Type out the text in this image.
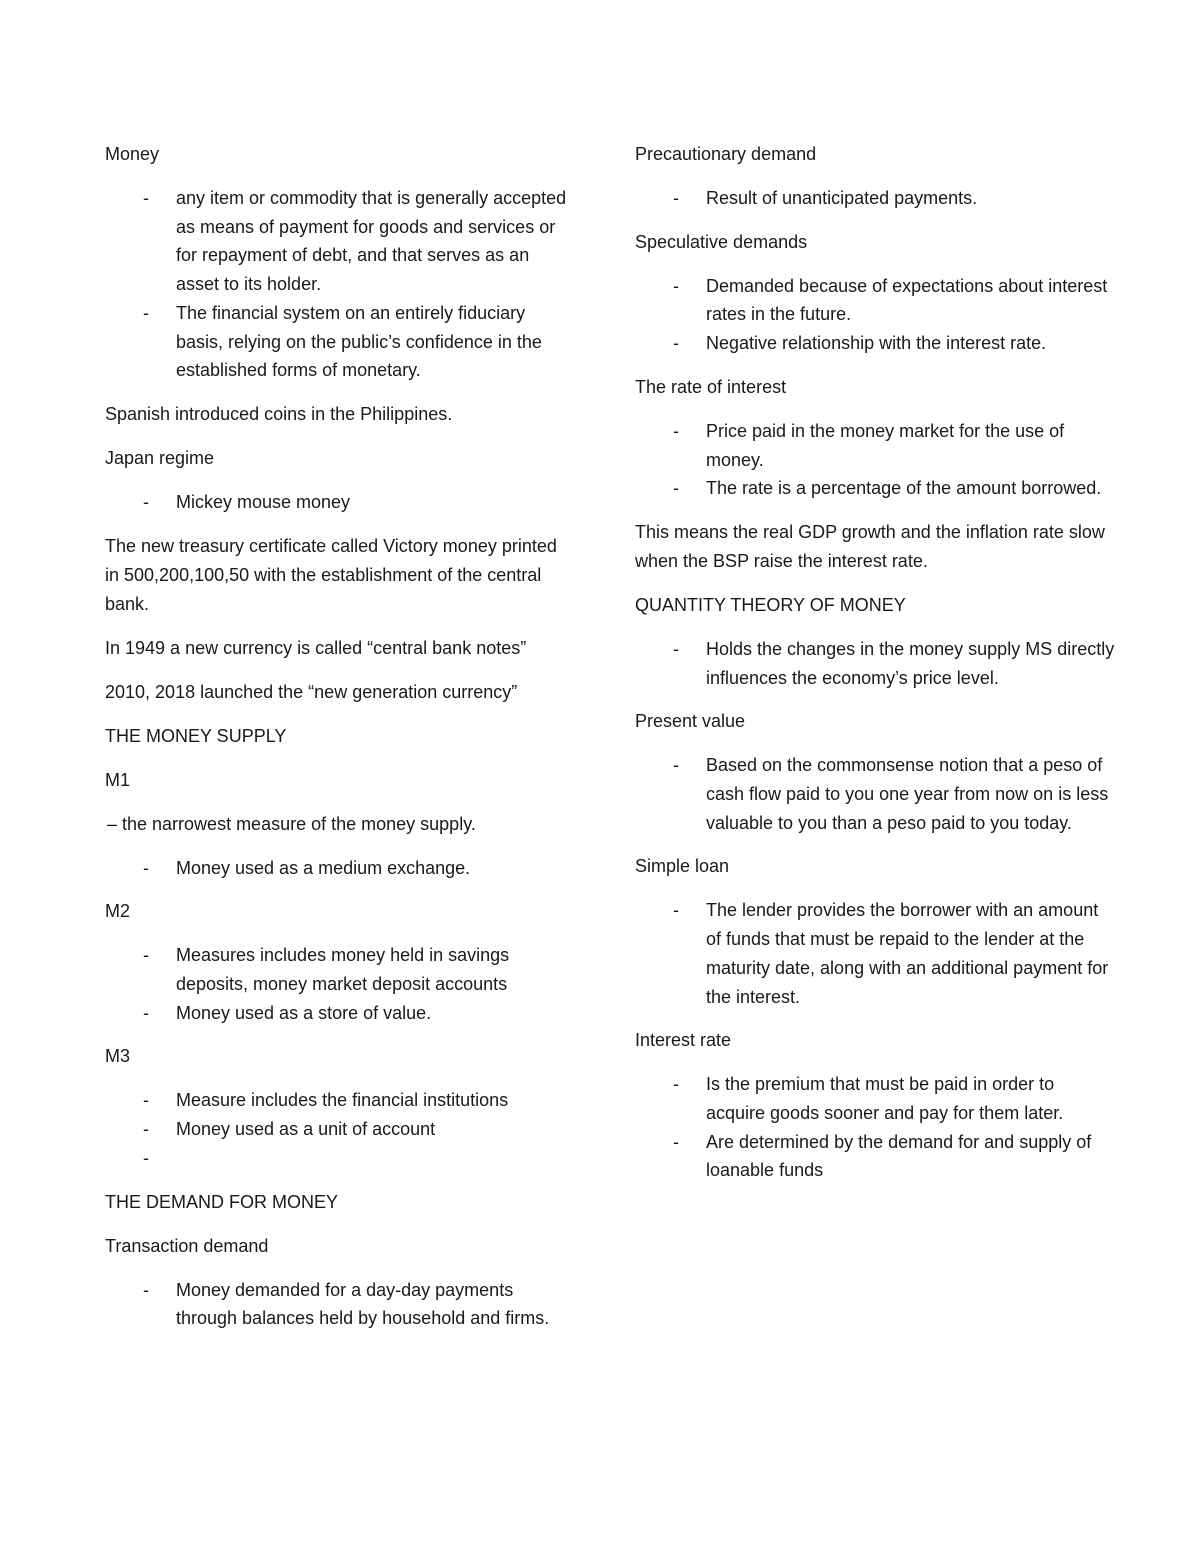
Money

- any item or commodity that is generally accepted as means of payment for goods and services or for repayment of debt, and that serves as an asset to its holder.
- The financial system on an entirely fiduciary basis, relying on the public’s confidence in the established forms of monetary.

Spanish introduced coins in the Philippines.

Japan regime

- Mickey mouse money

The new treasury certificate called Victory money printed in 500,200,100,50 with the establishment of the central bank.

In 1949 a new currency is called “central bank notes”

2010, 2018 launched the “new generation currency”

THE MONEY SUPPLY

M1

– the narrowest measure of the money supply.

- Money used as a medium exchange.

M2

- Measures includes money held in savings deposits, money market deposit accounts
- Money used as a store of value.

M3

- Measure includes the financial institutions
- Money used as a unit of account
-

THE DEMAND FOR MONEY

Transaction demand

- Money demanded for a day-day payments through balances held by household and firms.

Precautionary demand

- Result of unanticipated payments.

Speculative demands

- Demanded because of expectations about interest rates in the future.
- Negative relationship with the interest rate.

The rate of interest

- Price paid in the money market for the use of money.
- The rate is a percentage of the amount borrowed.

This means the real GDP growth and the inflation rate slow when the BSP raise the interest rate.

QUANTITY THEORY OF MONEY

- Holds the changes in the money supply MS directly influences the economy’s price level.

Present value

- Based on the commonsense notion that a peso of cash flow paid to you one year from now on is less valuable to you than a peso paid to you today.

Simple loan

- The lender provides the borrower with an amount of funds that must be repaid to the lender at the maturity date, along with an additional payment for the interest.

Interest rate

- Is the premium that must be paid in order to acquire goods sooner and pay for them later.
- Are determined by the demand for and supply of loanable funds
